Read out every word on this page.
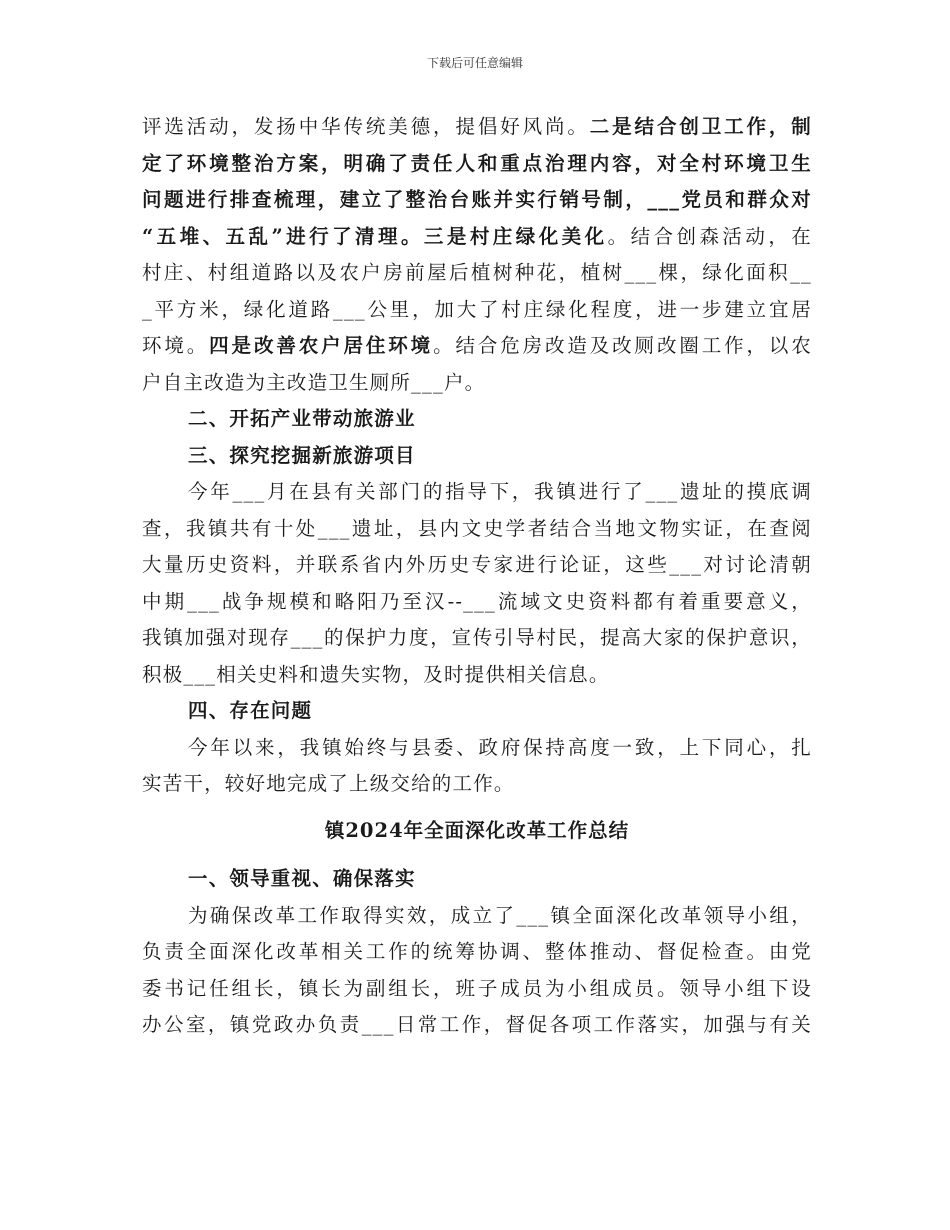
下载后可任意编辑
评选活动，发扬中华传统美德，提倡好风尚。二是结合创卫工作，制
定了环境整治方案，明确了责任人和重点治理内容，对全村环境卫生
问题进行排查梳理，建立了整治台账并实行销号制，___党员和群众对
“五堆、五乱”进行了清理。三是村庄绿化美化。结合创森活动，在
村庄、村组道路以及农户房前屋后植树种花，植树___棵，绿化面积__
_平方米，绿化道路___公里，加大了村庄绿化程度，进一步建立宜居
环境。四是改善农户居住环境。结合危房改造及改厕改圈工作，以农
户自主改造为主改造卫生厕所___户。
二、开拓产业带动旅游业
三、探究挖掘新旅游项目
今年___月在县有关部门的指导下，我镇进行了___遗址的摸底调
查，我镇共有十处___遗址，县内文史学者结合当地文物实证，在查阅
大量历史资料，并联系省内外历史专家进行论证，这些___对讨论清朝
中期___战争规模和略阳乃至汉--___流域文史资料都有着重要意义，
我镇加强对现存___的保护力度，宣传引导村民，提高大家的保护意识，
积极___相关史料和遗失实物，及时提供相关信息。
四、存在问题
今年以来，我镇始终与县委、政府保持高度一致，上下同心，扎
实苦干，较好地完成了上级交给的工作。
镇2024年全面深化改革工作总结
一、领导重视、确保落实
为确保改革工作取得实效，成立了___镇全面深化改革领导小组，
负责全面深化改革相关工作的统筹协调、整体推动、督促检查。由党
委书记任组长，镇长为副组长，班子成员为小组成员。领导小组下设
办公室，镇党政办负责___日常工作，督促各项工作落实，加强与有关
